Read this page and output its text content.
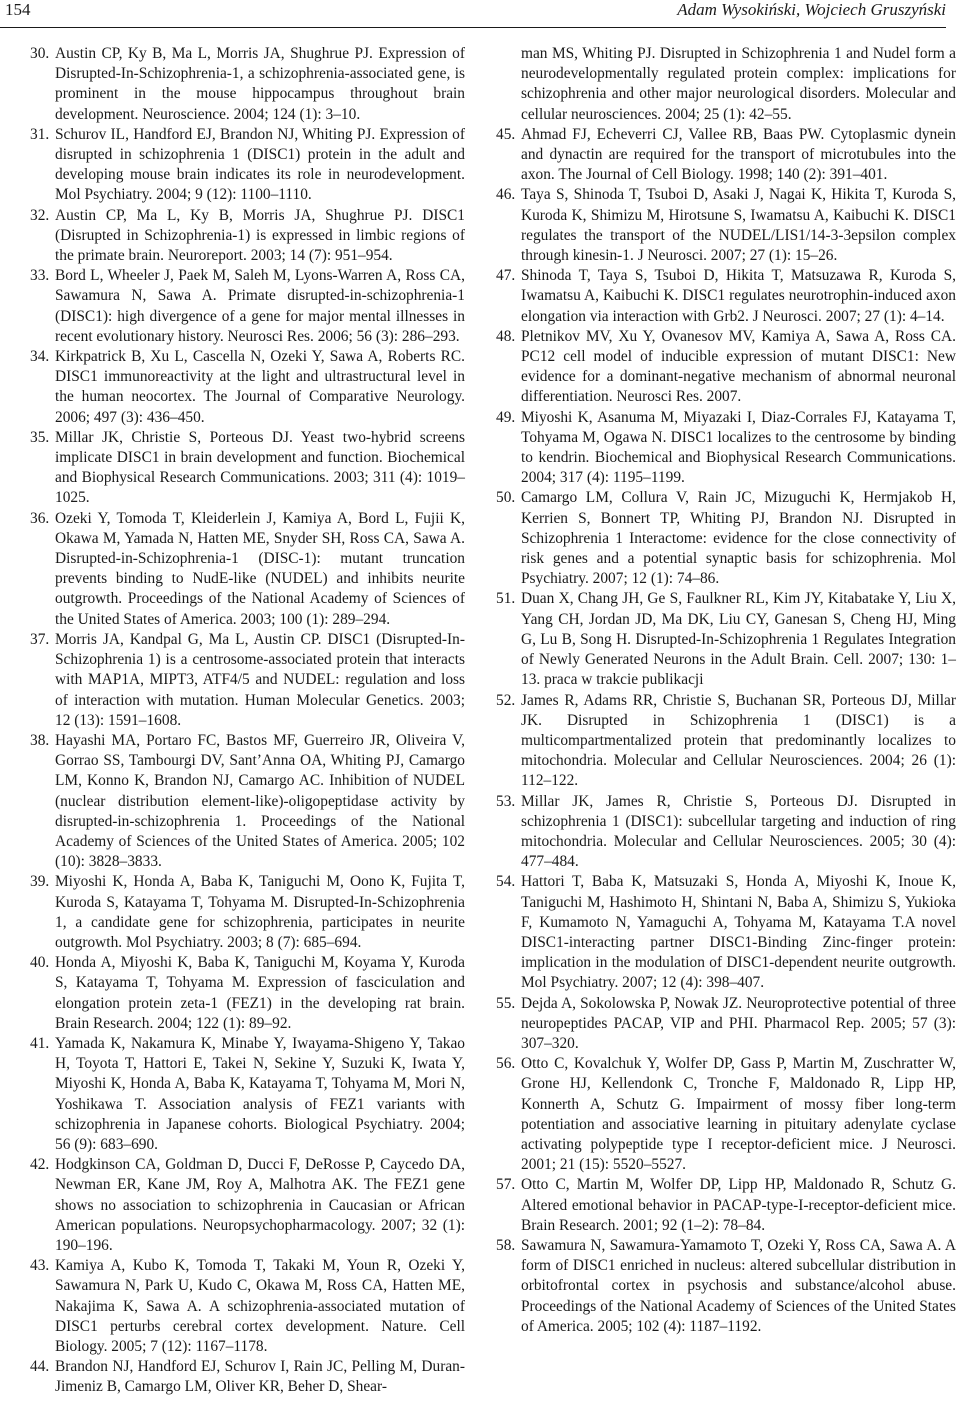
154	Adam Wysokiński, Wojciech Gruszyński

30. Austin CP, Ky B, Ma L, Morris JA, Shughrue PJ. Expression of Disrupted-In-Schizophrenia-1, a schizophrenia-associated gene, is prominent in the mouse hippocampus throughout brain development. Neuroscience. 2004; 124 (1): 3–10.

31. Schurov IL, Handford EJ, Brandon NJ, Whiting PJ. Expression of disrupted in schizophrenia 1 (DISC1) protein in the adult and developing mouse brain indicates its role in neurodevelopment. Mol Psychiatry. 2004; 9 (12): 1100–1110.

32. Austin CP, Ma L, Ky B, Morris JA, Shughrue PJ. DISC1 (Disrupted in Schizophrenia-1) is expressed in limbic regions of the primate brain. Neuroreport. 2003; 14 (7): 951–954.

33. Bord L, Wheeler J, Paek M, Saleh M, Lyons-Warren A, Ross CA, Sawamura N, Sawa A. Primate disrupted-in-schizophrenia-1 (DISC1): high divergence of a gene for major mental illnesses in recent evolutionary history. Neurosci Res. 2006; 56 (3): 286–293.

34. Kirkpatrick B, Xu L, Cascella N, Ozeki Y, Sawa A, Roberts RC. DISC1 immunoreactivity at the light and ultrastructural level in the human neocortex. The Journal of Comparative Neurology. 2006; 497 (3): 436–450.

35. Millar JK, Christie S, Porteous DJ. Yeast two-hybrid screens implicate DISC1 in brain development and function. Biochemical and Biophysical Research Communications. 2003; 311 (4): 1019–1025.

36. Ozeki Y, Tomoda T, Kleiderlein J, Kamiya A, Bord L, Fujii K, Okawa M, Yamada N, Hatten ME, Snyder SH, Ross CA, Sawa A. Disrupted-in-Schizophrenia-1 (DISC-1): mutant truncation prevents binding to NudE-like (NUDEL) and inhibits neurite outgrowth. Proceedings of the National Academy of Sciences of the United States of America. 2003; 100 (1): 289–294.

37. Morris JA, Kandpal G, Ma L, Austin CP. DISC1 (Disrupted-In-Schizophrenia 1) is a centrosome-associated protein that interacts with MAP1A, MIPT3, ATF4/5 and NUDEL: regulation and loss of interaction with mutation. Human Molecular Genetics. 2003; 12 (13): 1591–1608.

38. Hayashi MA, Portaro FC, Bastos MF, Guerreiro JR, Oliveira V, Gorrao SS, Tambourgi DV, Sant’Anna OA, Whiting PJ, Camargo LM, Konno K, Brandon NJ, Camargo AC. Inhibition of NUDEL (nuclear distribution element-like)-oligopeptidase activity by disrupted-in-schizophrenia 1. Proceedings of the National Academy of Sciences of the United States of America. 2005; 102 (10): 3828–3833.

39. Miyoshi K, Honda A, Baba K, Taniguchi M, Oono K, Fujita T, Kuroda S, Katayama T, Tohyama M. Disrupted-In-Schizophrenia 1, a candidate gene for schizophrenia, participates in neurite outgrowth. Mol Psychiatry. 2003; 8 (7): 685–694.

40. Honda A, Miyoshi K, Baba K, Taniguchi M, Koyama Y, Kuroda S, Katayama T, Tohyama M. Expression of fasciculation and elongation protein zeta-1 (FEZ1) in the developing rat brain. Brain Research. 2004; 122 (1): 89–92.

41. Yamada K, Nakamura K, Minabe Y, Iwayama-Shigeno Y, Takao H, Toyota T, Hattori E, Takei N, Sekine Y, Suzuki K, Iwata Y, Miyoshi K, Honda A, Baba K, Katayama T, Tohyama M, Mori N, Yoshikawa T. Association analysis of FEZ1 variants with schizophrenia in Japanese cohorts. Biological Psychiatry. 2004; 56 (9): 683–690.

42. Hodgkinson CA, Goldman D, Ducci F, DeRosse P, Caycedo DA, Newman ER, Kane JM, Roy A, Malhotra AK. The FEZ1 gene shows no association to schizophrenia in Caucasian or African American populations. Neuropsychopharmacology. 2007; 32 (1): 190–196.

43. Kamiya A, Kubo K, Tomoda T, Takaki M, Youn R, Ozeki Y, Sawamura N, Park U, Kudo C, Okawa M, Ross CA, Hatten ME, Nakajima K, Sawa A. A schizophrenia-associated mutation of DISC1 perturbs cerebral cortex development. Nature. Cell Biology. 2005; 7 (12): 1167–1178.

44. Brandon NJ, Handford EJ, Schurov I, Rain JC, Pelling M, Duran-Jimeniz B, Camargo LM, Oliver KR, Beher D, Shear-

man MS, Whiting PJ. Disrupted in Schizophrenia 1 and Nudel form a neurodevelopmentally regulated protein complex: implications for schizophrenia and other major neurological disorders. Molecular and cellular neurosciences. 2004; 25 (1): 42–55.

45. Ahmad FJ, Echeverri CJ, Vallee RB, Baas PW. Cytoplasmic dynein and dynactin are required for the transport of microtubules into the axon. The Journal of Cell Biology. 1998; 140 (2): 391–401.

46. Taya S, Shinoda T, Tsuboi D, Asaki J, Nagai K, Hikita T, Kuroda S, Kuroda K, Shimizu M, Hirotsune S, Iwamatsu A, Kaibuchi K. DISC1 regulates the transport of the NUDEL/LIS1/14-3-3epsilon complex through kinesin-1. J Neurosci. 2007; 27 (1): 15–26.

47. Shinoda T, Taya S, Tsuboi D, Hikita T, Matsuzawa R, Kuroda S, Iwamatsu A, Kaibuchi K. DISC1 regulates neurotrophin-induced axon elongation via interaction with Grb2. J Neurosci. 2007; 27 (1): 4–14.

48. Pletnikov MV, Xu Y, Ovanesov MV, Kamiya A, Sawa A, Ross CA. PC12 cell model of inducible expression of mutant DISC1: New evidence for a dominant-negative mechanism of abnormal neuronal differentiation. Neurosci Res. 2007.

49. Miyoshi K, Asanuma M, Miyazaki I, Diaz-Corrales FJ, Katayama T, Tohyama M, Ogawa N. DISC1 localizes to the centrosome by binding to kendrin. Biochemical and Biophysical Research Communications. 2004; 317 (4): 1195–1199.

50. Camargo LM, Collura V, Rain JC, Mizuguchi K, Hermjakob H, Kerrien S, Bonnert TP, Whiting PJ, Brandon NJ. Disrupted in Schizophrenia 1 Interactome: evidence for the close connectivity of risk genes and a potential synaptic basis for schizophrenia. Mol Psychiatry. 2007; 12 (1): 74–86.

51. Duan X, Chang JH, Ge S, Faulkner RL, Kim JY, Kitabatake Y, Liu X, Yang CH, Jordan JD, Ma DK, Liu CY, Ganesan S, Cheng HJ, Ming G, Lu B, Song H. Disrupted-In-Schizophrenia 1 Regulates Integration of Newly Generated Neurons in the Adult Brain. Cell. 2007; 130: 1–13. praca w trakcie publikacji

52. James R, Adams RR, Christie S, Buchanan SR, Porteous DJ, Millar JK. Disrupted in Schizophrenia 1 (DISC1) is a multicompartmentalized protein that predominantly localizes to mitochondria. Molecular and Cellular Neurosciences. 2004; 26 (1): 112–122.

53. Millar JK, James R, Christie S, Porteous DJ. Disrupted in schizophrenia 1 (DISC1): subcellular targeting and induction of ring mitochondria. Molecular and Cellular Neurosciences. 2005; 30 (4): 477–484.

54. Hattori T, Baba K, Matsuzaki S, Honda A, Miyoshi K, Inoue K, Taniguchi M, Hashimoto H, Shintani N, Baba A, Shimizu S, Yukioka F, Kumamoto N, Yamaguchi A, Tohyama M, Katayama T.A novel DISC1-interacting partner DISC1-Binding Zinc-finger protein: implication in the modulation of DISC1-dependent neurite outgrowth. Mol Psychiatry. 2007; 12 (4): 398–407.

55. Dejda A, Sokolowska P, Nowak JZ. Neuroprotective potential of three neuropeptides PACAP, VIP and PHI. Pharmacol Rep. 2005; 57 (3): 307–320.

56. Otto C, Kovalchuk Y, Wolfer DP, Gass P, Martin M, Zuschratter W, Grone HJ, Kellendonk C, Tronche F, Maldonado R, Lipp HP, Konnerth A, Schutz G. Impairment of mossy fiber long-term potentiation and associative learning in pituitary adenylate cyclase activating polypeptide type I receptor-deficient mice. J Neurosci. 2001; 21 (15): 5520–5527.

57. Otto C, Martin M, Wolfer DP, Lipp HP, Maldonado R, Schutz G. Altered emotional behavior in PACAP-type-I-receptor-deficient mice. Brain Research. 2001; 92 (1–2): 78–84.

58. Sawamura N, Sawamura-Yamamoto T, Ozeki Y, Ross CA, Sawa A. A form of DISC1 enriched in nucleus: altered subcellular distribution in orbitofrontal cortex in psychosis and substance/alcohol abuse. Proceedings of the National Academy of Sciences of the United States of America. 2005; 102 (4): 1187–1192.
